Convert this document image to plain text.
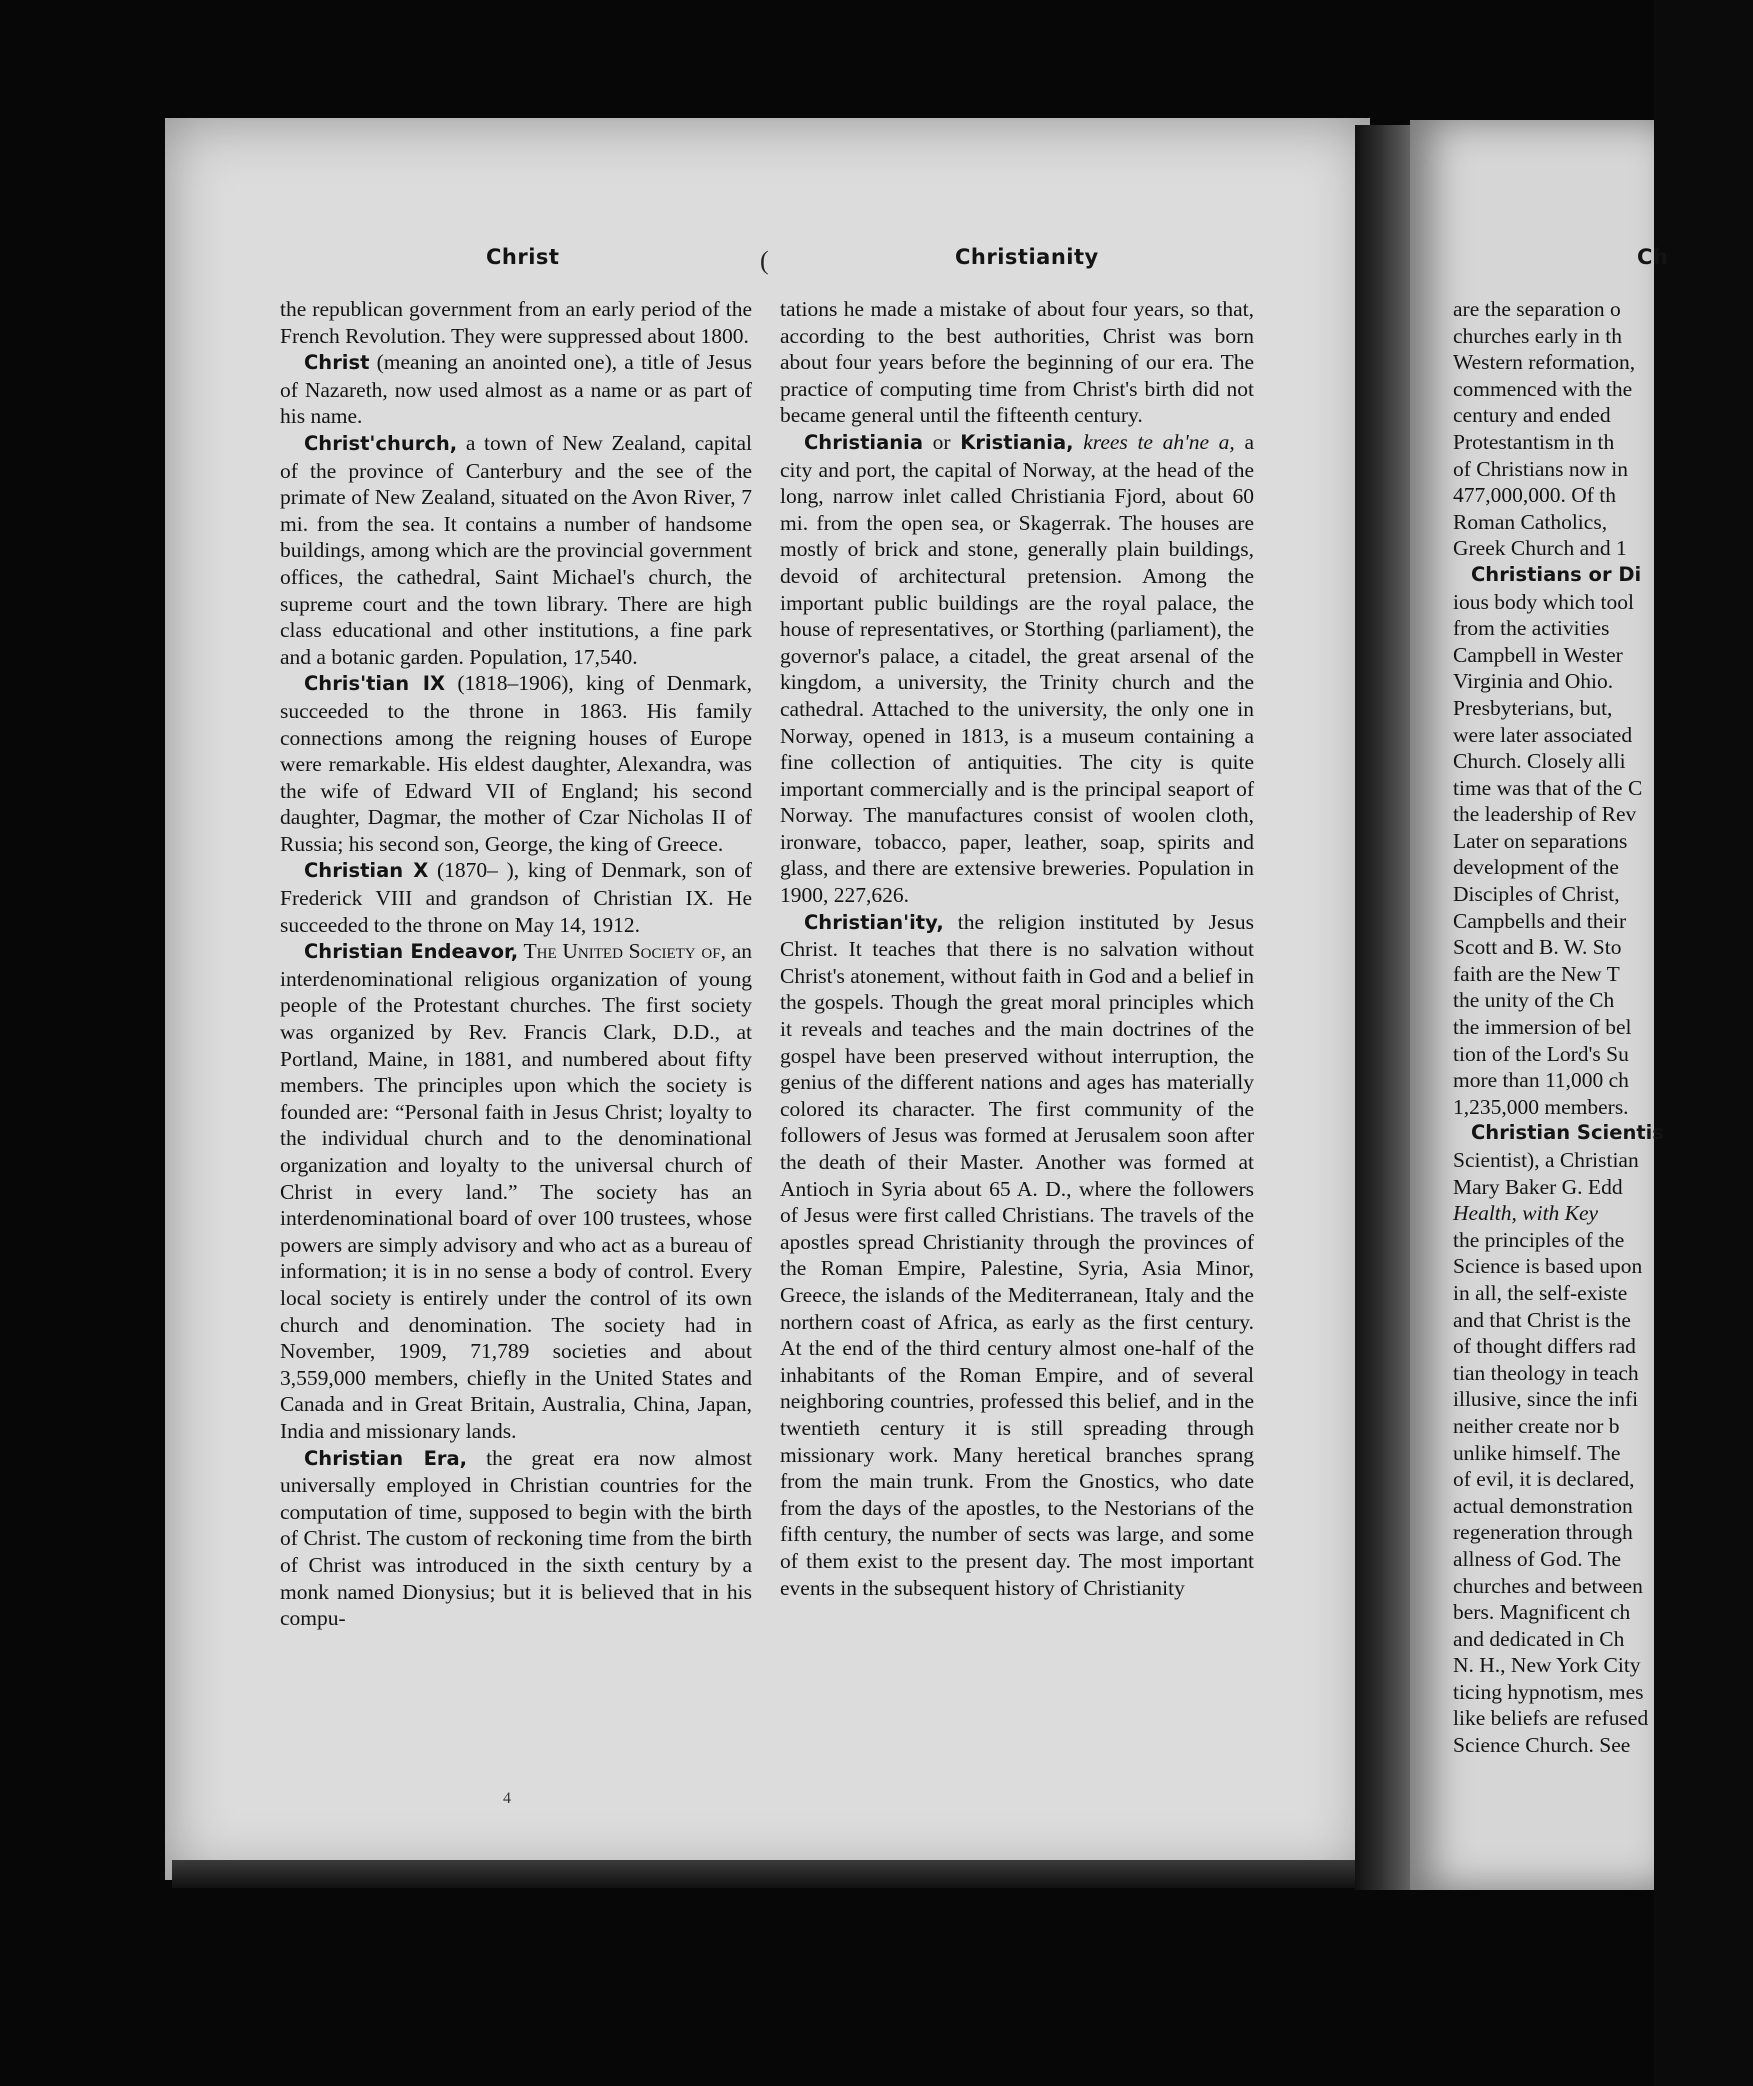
Christ	(	Christianity	Ch

the republican government from an early period of the French Revolution. They were suppressed about 1800.

Christ (meaning an anointed one), a title of Jesus of Nazareth, now used almost as a name or as part of his name.

Christ'church, a town of New Zealand, capital of the province of Canterbury and the see of the primate of New Zealand, situated on the Avon River, 7 mi. from the sea. It contains a number of handsome buildings, among which are the provincial government offices, the cathedral, Saint Michael's church, the supreme court and the town library. There are high class educational and other institutions, a fine park and a botanic garden. Population, 17,540.

Chris'tian IX (1818–1906), king of Denmark, succeeded to the throne in 1863. His family connections among the reigning houses of Europe were remarkable. His eldest daughter, Alexandra, was the wife of Edward VII of England; his second daughter, Dagmar, the mother of Czar Nicholas II of Russia; his second son, George, the king of Greece.

Christian X (1870– ), king of Denmark, son of Frederick VIII and grandson of Christian IX. He succeeded to the throne on May 14, 1912.

Christian Endeavor, The United Society of, an interdenominational religious organization of young people of the Protestant churches. The first society was organized by Rev. Francis Clark, D.D., at Portland, Maine, in 1881, and numbered about fifty members. The principles upon which the society is founded are: “Personal faith in Jesus Christ; loyalty to the individual church and to the denominational organization and loyalty to the universal church of Christ in every land.” The society has an interdenominational board of over 100 trustees, whose powers are simply advisory and who act as a bureau of information; it is in no sense a body of control. Every local society is entirely under the control of its own church and denomination. The society had in November, 1909, 71,789 societies and about 3,559,000 members, chiefly in the United States and Canada and in Great Britain, Australia, China, Japan, India and missionary lands.

Christian Era, the great era now almost universally employed in Christian countries for the computation of time, supposed to begin with the birth of Christ. The custom of reckoning time from the birth of Christ was introduced in the sixth century by a monk named Dionysius; but it is believed that in his compu-

tations he made a mistake of about four years, so that, according to the best authorities, Christ was born about four years before the beginning of our era. The practice of computing time from Christ's birth did not became general until the fifteenth century.

Christiania or Kristiania, krees te ah'ne a, a city and port, the capital of Norway, at the head of the long, narrow inlet called Christiania Fjord, about 60 mi. from the open sea, or Skagerrak. The houses are mostly of brick and stone, generally plain buildings, devoid of architectural pretension. Among the important public buildings are the royal palace, the house of representatives, or Storthing (parliament), the governor's palace, a citadel, the great arsenal of the kingdom, a university, the Trinity church and the cathedral. Attached to the university, the only one in Norway, opened in 1813, is a museum containing a fine collection of antiquities. The city is quite important commercially and is the principal seaport of Norway. The manufactures consist of woolen cloth, ironware, tobacco, paper, leather, soap, spirits and glass, and there are extensive breweries. Population in 1900, 227,626.

Christian'ity, the religion instituted by Jesus Christ. It teaches that there is no salvation without Christ's atonement, without faith in God and a belief in the gospels. Though the great moral principles which it reveals and teaches and the main doctrines of the gospel have been preserved without interruption, the genius of the different nations and ages has materially colored its character. The first community of the followers of Jesus was formed at Jerusalem soon after the death of their Master. Another was formed at Antioch in Syria about 65 A. D., where the followers of Jesus were first called Christians. The travels of the apostles spread Christianity through the provinces of the Roman Empire, Palestine, Syria, Asia Minor, Greece, the islands of the Mediterranean, Italy and the northern coast of Africa, as early as the first century. At the end of the third century almost one-half of the inhabitants of the Roman Empire, and of several neighboring countries, professed this belief, and in the twentieth century it is still spreading through missionary work. Many heretical branches sprang from the main trunk. From the Gnostics, who date from the days of the apostles, to the Nestorians of the fifth century, the number of sects was large, and some of them exist to the present day. The most important events in the subsequent history of Christianity

are the separation o
churches early in th
Western reformation,
commenced with the
century and ended
Protestantism in th
of Christians now in
477,000,000. Of th
Roman Catholics,
Greek Church and 1
Christians or Di
ious body which tool
from the activities
Campbell in Wester
Virginia and Ohio.
Presbyterians, but,
were later associated
Church. Closely alli
time was that of the C
the leadership of Rev
Later on separations
development of the
Disciples of Christ,
Campbells and their
Scott and B. W. Sto
faith are the New T
the unity of the Ch
the immersion of bel
tion of the Lord's Su
more than 11,000 ch
1,235,000 members.
Christian Scientis
Scientist), a Christian
Mary Baker G. Edd
Health, with Key
the principles of the
Science is based upon
in all, the self-existe
and that Christ is the
of thought differs rad
tian theology in teach
illusive, since the infi
neither create nor b
unlike himself. The
of evil, it is declared,
actual demonstration
regeneration through
allness of God. The
churches and between
bers. Magnificent ch
and dedicated in Ch
N. H., New York City
ticing hypnotism, mes
like beliefs are refused
Science Church. See
4
